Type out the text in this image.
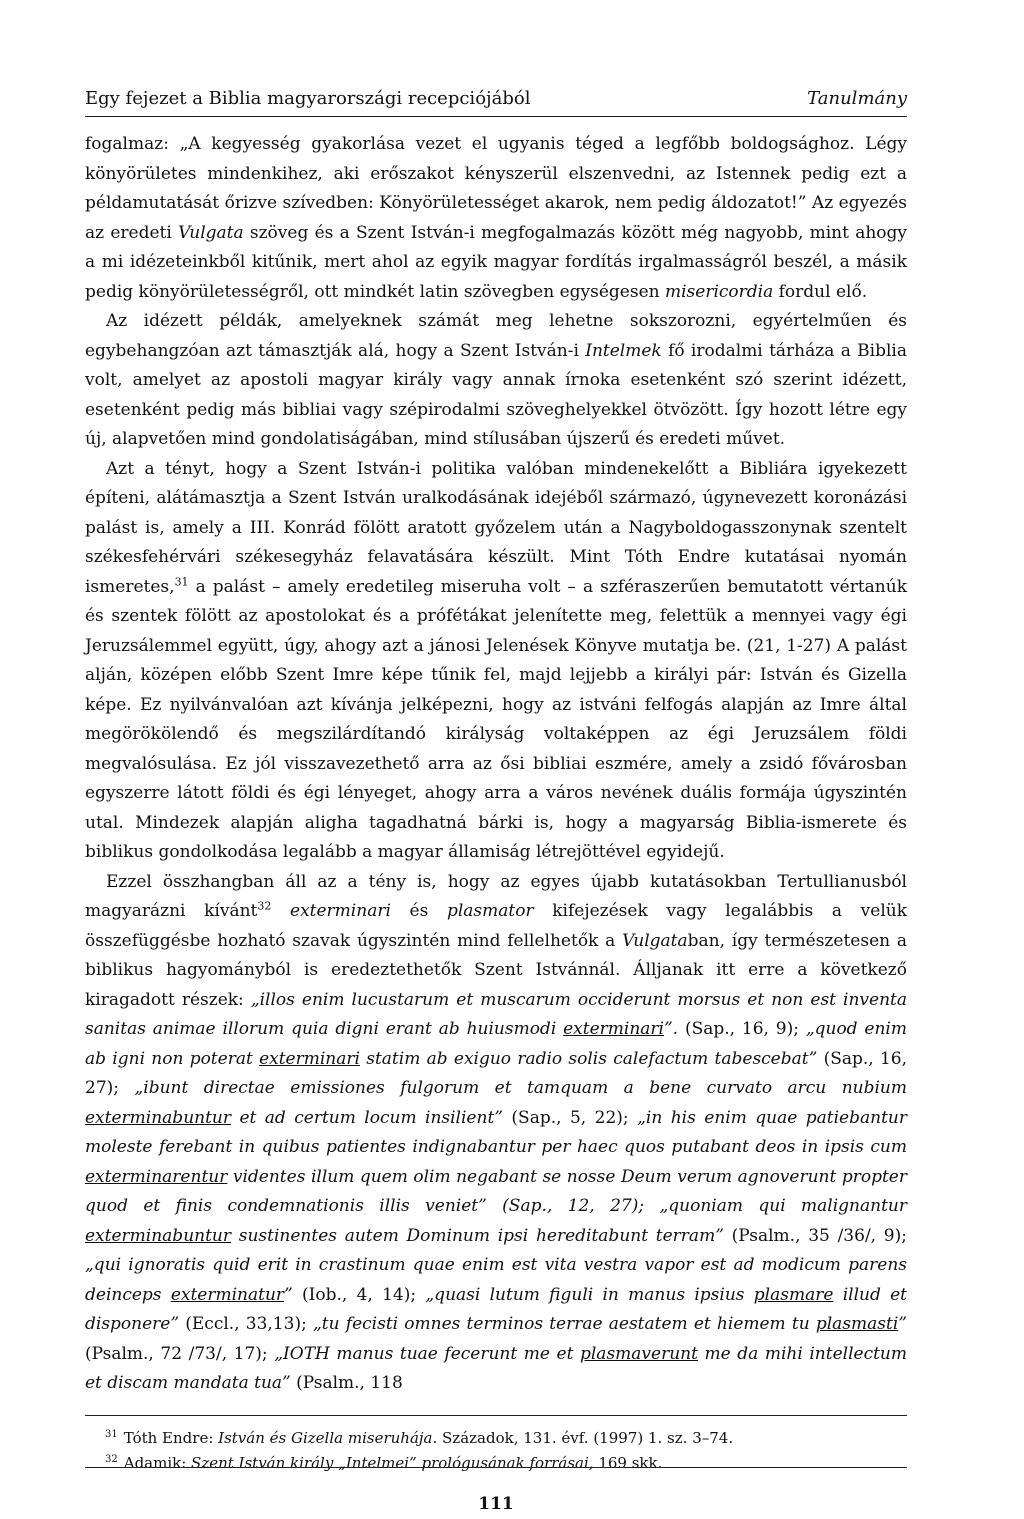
Egy fejezet a Biblia magyarországi recepciójából	Tanulmány

fogalmaz: „A kegyesség gyakorlása vezet el ugyanis téged a legfőbb boldogsághoz. Légy könyörületes mindenkihez, aki erőszakot kényszerül elszenvedni, az Istennek pedig ezt a példamutatását őrizve szívedben: Könyörületességet akarok, nem pedig áldozatot!” Az egyezés az eredeti Vulgata szöveg és a Szent István-i megfogalmazás között még nagyobb, mint ahogy a mi idézeteinkből kitűnik, mert ahol az egyik magyar fordítás irgalmasságról beszél, a másik pedig könyörületességről, ott mindkét latin szövegben egységesen misericordia fordul elő.

Az idézett példák, amelyeknek számát meg lehetne sokszorozni, egyértelműen és egybehangzóan azt támasztják alá, hogy a Szent István-i Intelmek fő irodalmi tárháza a Biblia volt, amelyet az apostoli magyar király vagy annak írnoka esetenként szó szerint idézett, esetenként pedig más bibliai vagy szépirodalmi szöveghelyekkel ötvözött. Így hozott létre egy új, alapvetően mind gondolatiságában, mind stílusában újszerű és eredeti művet.

Azt a tényt, hogy a Szent István-i politika valóban mindenekelőtt a Bibliára igyekezett építeni, alátámasztja a Szent István uralkodásának idejéből származó, úgynevezett koronázási palást is, amely a III. Konrád fölött aratott győzelem után a Nagyboldogasszonynak szentelt székesfehérvári székesegyház felavatására készült. Mint Tóth Endre kutatásai nyomán ismeretes,$^{31}$ a palást – amely eredetileg miseruha volt – a szféraszerűen bemutatott vértanúk és szentek fölött az apostolokat és a prófétákat jelenítette meg, felettük a mennyei vagy égi Jeruzsálemmel együtt, úgy, ahogy azt a jánosi Jelenések Könyve mutatja be. (21, 1-27) A palást alján, középen előbb Szent Imre képe tűnik fel, majd lejjebb a királyi pár: István és Gizella képe. Ez nyilvánvalóan azt kívánja jelképezni, hogy az istváni felfogás alapján az Imre által megörökölendő és megszilárdítandó királyság voltaképpen az égi Jeruzsálem földi megvalósulása. Ez jól visszavezethető arra az ősi bibliai eszmére, amely a zsidó fővárosban egyszerre látott földi és égi lényeget, ahogy arra a város nevének duális formája úgyszintén utal. Mindezek alapján aligha tagadhatná bárki is, hogy a magyarság Biblia-ismerete és biblikus gondolkodása legalább a magyar államiság létrejöttével egyidejű.

Ezzel összhangban áll az a tény is, hogy az egyes újabb kutatásokban Tertullianusból magyarázni kívánt$^{32}$ exterminari és plasmator kifejezések vagy legalábbis a velük összefüggésbe hozható szavak úgyszintén mind fellelhetők a Vulgataban, így természetesen a biblikus hagyományból is eredeztethetők Szent Istvánnál. Álljanak itt erre a következő kiragadott részek: „illos enim lucustarum et muscarum occiderunt morsus et non est inventa sanitas animae illorum quia digni erant ab huiusmodi exterminari”. (Sap., 16, 9); „quod enim ab igni non poterat exterminari statim ab exiguo radio solis calefactum tabescebat” (Sap., 16, 27); „ibunt directae emissiones fulgorum et tamquam a bene curvato arcu nubium exterminabuntur et ad certum locum insilient” (Sap., 5, 22); „in his enim quae patiebantur moleste ferebant in quibus patientes indignabantur per haec quos putabant deos in ipsis cum exterminarentur videntes illum quem olim negabant se nosse Deum verum agnoverunt propter quod et finis condemnationis illis veniet” (Sap., 12, 27); „quoniam qui malignantur exterminabuntur sustinentes autem Dominum ipsi hereditabunt terram” (Psalm., 35 /36/, 9); „qui ignoratis quid erit in crastinum quae enim est vita vestra vapor est ad modicum parens deinceps exterminatur” (Iob., 4, 14); „quasi lutum figuli in manus ipsius plasmare illud et disponere” (Eccl., 33,13); „tu fecisti omnes terminos terrae aestatem et hiemem tu plasmasti” (Psalm., 72 /73/, 17); „IOTH manus tuae fecerunt me et plasmaverunt me da mihi intellectum et discam mandata tua” (Psalm., 118

$^{31}$ Tóth Endre: István és Gizella miseruhája. Századok, 131. évf. (1997) 1. sz. 3–74.
$^{32}$ Adamik: Szent István király „Intelmei” prológusának forrásai, 169 skk.
111
